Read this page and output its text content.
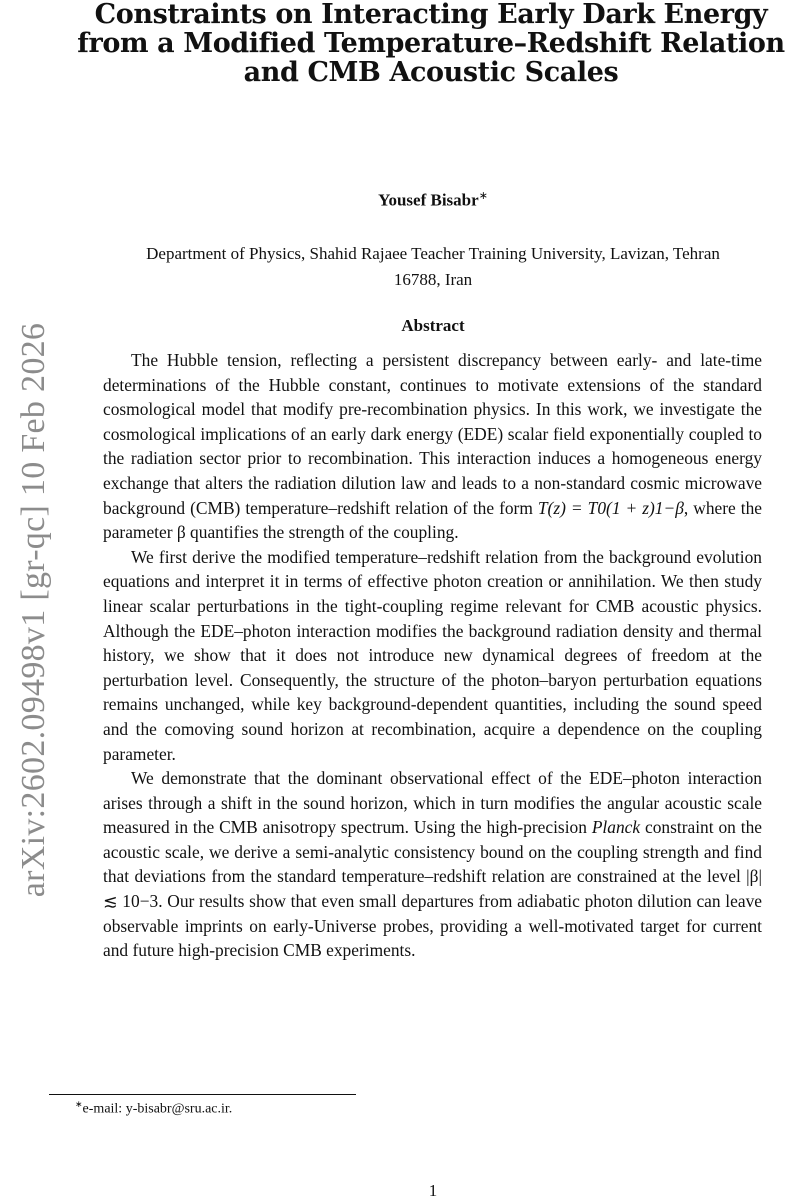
arXiv:2602.09498v1 [gr-qc] 10 Feb 2026
Constraints on Interacting Early Dark Energy
from a Modified Temperature–Redshift Relation
and CMB Acoustic Scales
Yousef Bisabr∗
Department of Physics, Shahid Rajaee Teacher Training University, Lavizan, Tehran
16788, Iran
Abstract

The Hubble tension, reflecting a persistent discrepancy between early- and late-time determinations of the Hubble constant, continues to motivate extensions of the standard cosmological model that modify pre-recombination physics. In this work, we investigate the cosmological implications of an early dark energy (EDE) scalar field exponentially coupled to the radiation sector prior to recombination. This interaction induces a homogeneous energy exchange that alters the radiation dilution law and leads to a non-standard cosmic microwave background (CMB) temperature–redshift relation of the form T(z) = T0(1 + z)1−β, where the parameter β quantifies the strength of the coupling.

We first derive the modified temperature–redshift relation from the background evolution equations and interpret it in terms of effective photon creation or annihilation. We then study linear scalar perturbations in the tight-coupling regime relevant for CMB acoustic physics. Although the EDE–photon interaction modifies the background radiation density and thermal history, we show that it does not introduce new dynamical degrees of freedom at the perturbation level. Consequently, the structure of the photon–baryon perturbation equations remains unchanged, while key background-dependent quantities, including the sound speed and the comoving sound horizon at recombination, acquire a dependence on the coupling parameter.

We demonstrate that the dominant observational effect of the EDE–photon interaction arises through a shift in the sound horizon, which in turn modifies the angular acoustic scale measured in the CMB anisotropy spectrum. Using the high-precision Planck constraint on the acoustic scale, we derive a semi-analytic consistency bound on the coupling strength and find that deviations from the standard temperature–redshift relation are constrained at the level |β| ≲ 10−3. Our results show that even small departures from adiabatic photon dilution can leave observable imprints on early-Universe probes, providing a well-motivated target for current and future high-precision CMB experiments.

∗e-mail: y-bisabr@sru.ac.ir.
1
